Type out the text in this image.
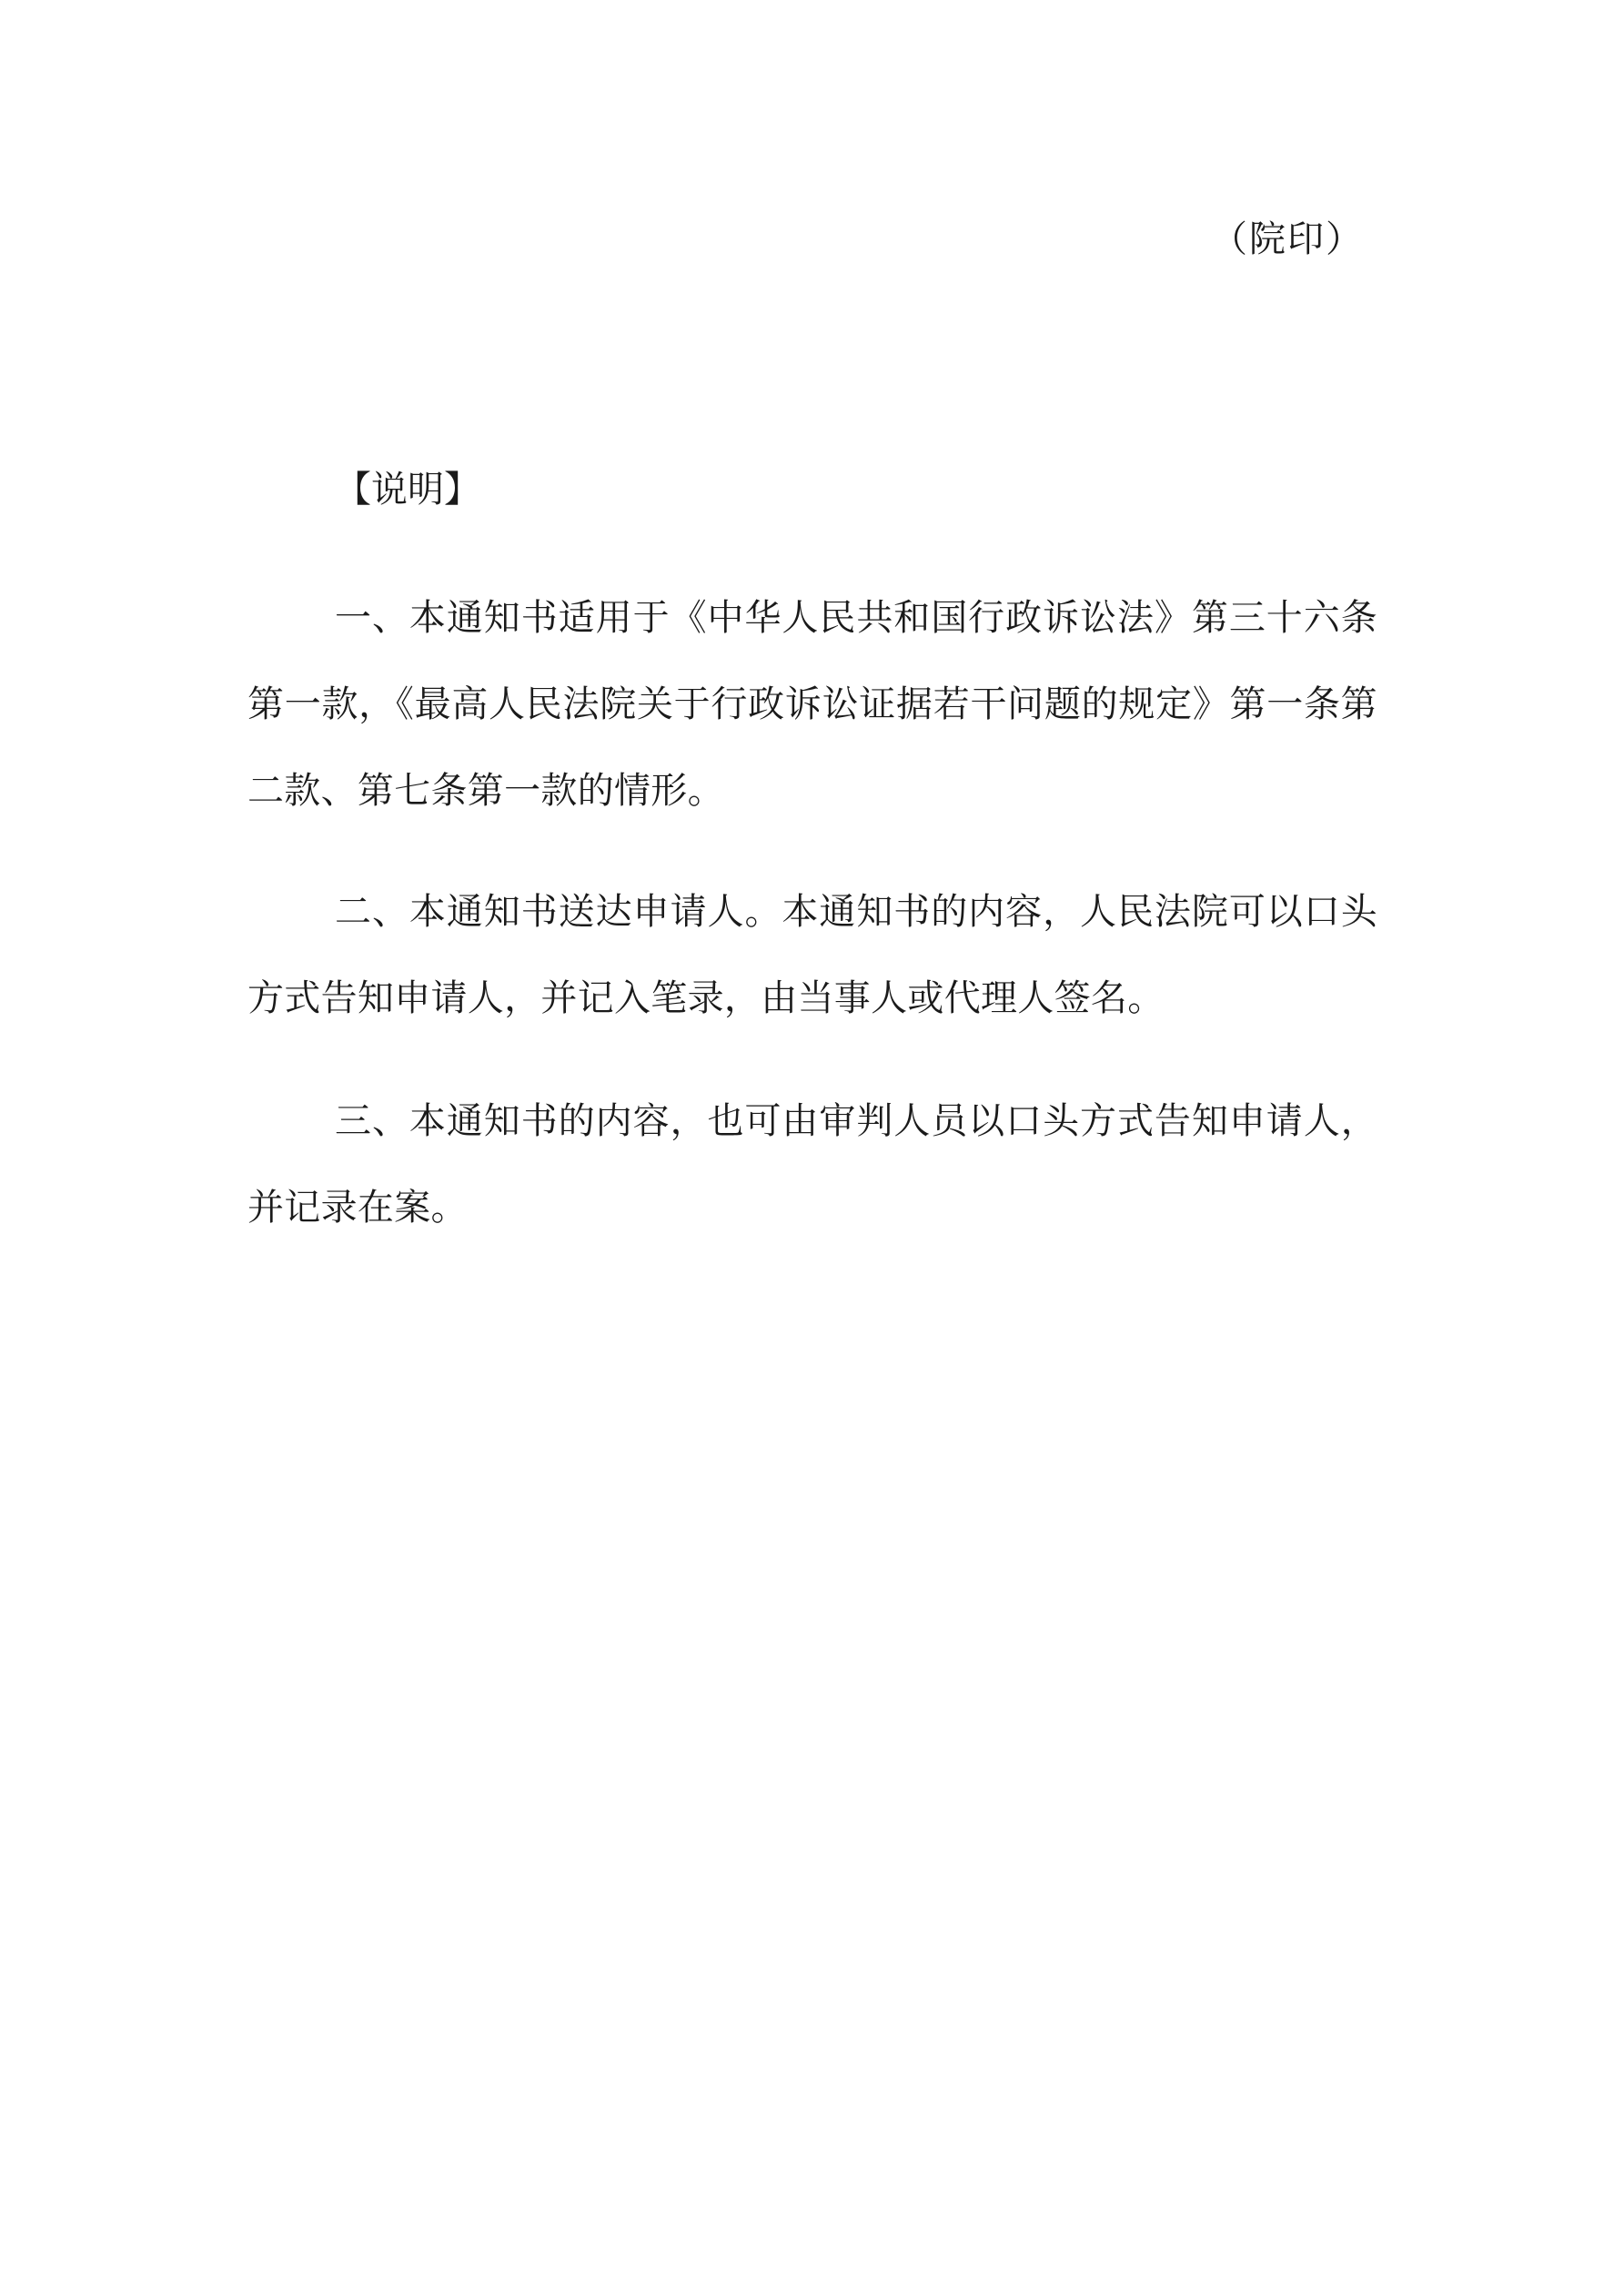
（院印）
【说明】

一、本通知书适用于《中华人民共和国行政诉讼法》第三十六条第一款，《最高人民法院关于行政诉讼证据若干问题的规定》第一条第二款、第七条第一款的情形。

二、本通知书送达申请人。本通知书的内容，人民法院可以口头方式告知申请人，并记入笔录，由当事人或代理人签名。

三、本通知书的内容，也可由审判人员以口头方式告知申请人，并记录在案。
